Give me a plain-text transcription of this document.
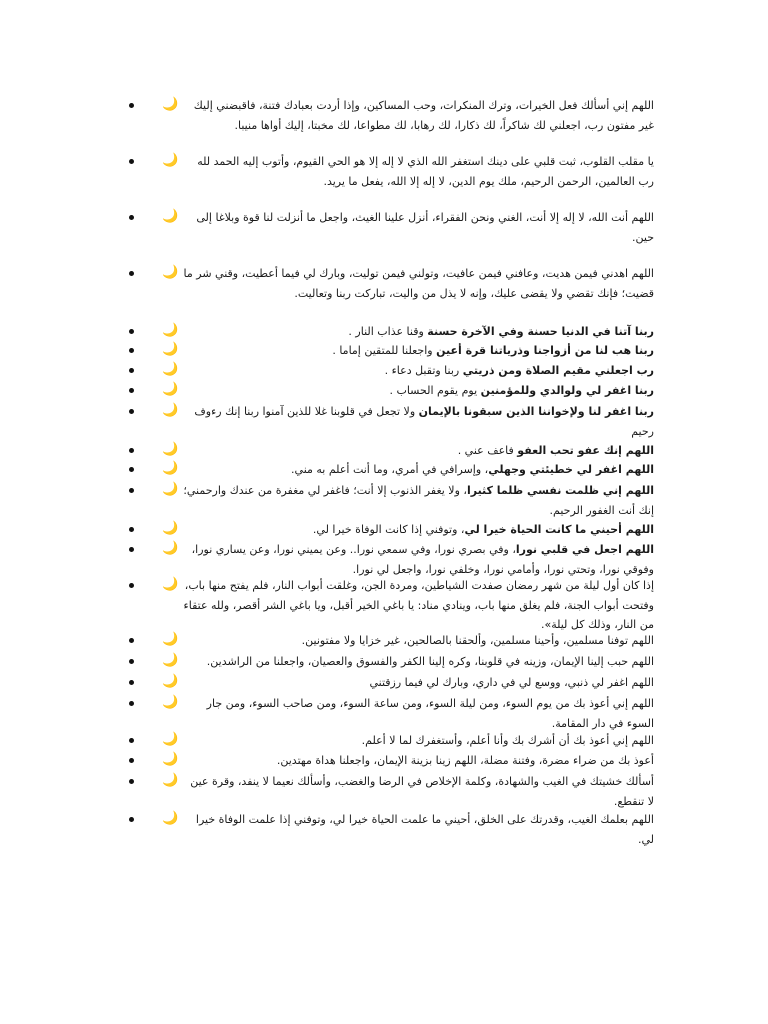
🌙	اللهم إني أسألك فعل الخيرات، وترك المنكرات، وحب المساكين، وإذا أردت بعبادك فتنة، فاقبضني إليك غير مفتون رب، اجعلني لك شاكراً، لك ذكارا، لك رهابا، لك مطواعا، لك مخبتا، إليك أواها منيبا.
🌙	يا مقلب القلوب، ثبت قلبي على دينك استغفر الله الذي لا إله إلا هو الحي القيوم، وأتوب إليه الحمد لله رب العالمين، الرحمن الرحيم، ملك يوم الدين، لا إله إلا الله، يفعل ما يريد.
🌙	اللهم أنت الله، لا إله إلا أنت، الغني ونحن الفقراء، أنزل علينا الغيث، واجعل ما أنزلت لنا قوة وبلاغا إلى حين.
🌙 اللهم اهدني فيمن هديت، وعافني فيمن عافيت، وتولني فيمن توليت، وبارك لي فيما أعطيت، وقني شر ما قضيت؛ فإنك تقضي ولا يقضى عليك، وإنه لا يذل من واليت، تباركت ربنا وتعاليت.
🌙	ربنا آتنا في الدنيا حسنة وفي الآخرة حسنة وقنا عذاب النار .
🌙	ربنا هب لنا من أزواجنا وذرياتنا قرة أعين واجعلنا للمتقين إماما .
🌙	رب اجعلني مقيم الصلاة ومن ذريتي ربنا وتقبل دعاء .
🌙	ربنا اغفر لي ولوالدي وللمؤمنين يوم يقوم الحساب .
🌙	ربنا اغفر لنا ولإخواننا الذين سبقونا بالإيمان ولا تجعل في قلوبنا غلا للذين آمنوا ربنا إنك رءوف رحيم
🌙	اللهم إنك عفو تحب العفو فاعف عني .
🌙	اللهم اغفر لي خطيئتي وجهلي، وإسرافي في أمري، وما أنت أعلم به مني.
🌙	اللهم إني ظلمت نفسي ظلما كثيرا، ولا يغفر الذنوب إلا أنت؛ فاغفر لي مغفرة من عندك وارحمني؛ إنك أنت الغفور الرحيم.
🌙	اللهم أحيني ما كانت الحياة خيرا لي، وتوفني إذا كانت الوفاة خيرا لي.
🌙	اللهم اجعل في قلبي نورا، وفي بصري نورا، وفي سمعي نورا.. وعن يميني نورا، وعن يساري نورا، وفوقي نورا، وتحتي نورا، وأمامي نورا، وخلفي نورا، واجعل لي نورا.
🌙 إذا كان أول ليلة من شهر رمضان صفدت الشياطين، ومردة الجن، وغلقت أبواب النار، فلم يفتح منها باب، وفتحت أبواب الجنة، فلم يغلق منها باب، وينادي مناد: يا باغي الخير أقبل، ويا باغي الشر أقصر، ولله عتقاء من النار، وذلك كل ليلة».
🌙	اللهم توفنا مسلمين، وأحينا مسلمين، وألحقنا بالصالحين، غير خزايا ولا مفتونين.
🌙	اللهم حبب إلينا الإيمان، وزينه في قلوبنا، وكره إلينا الكفر والفسوق والعصيان، واجعلنا من الراشدين.
🌙	اللهم اغفر لي ذنبي، ووسع لي في داري، وبارك لي فيما رزقتني
🌙	اللهم إني أعوذ بك من يوم السوء، ومن ليلة السوء، ومن ساعة السوء، ومن صاحب السوء، ومن جار السوء في دار المقامة.
🌙	اللهم إني أعوذ بك أن أشرك بك وأنا أعلم، وأستغفرك لما لا أعلم.
🌙	أعوذ بك من ضراء مضرة، وفتنة مضلة، اللهم زينا بزينة الإيمان، واجعلنا هداة مهتدين.
🌙	أسألك خشيتك في الغيب والشهادة، وكلمة الإخلاص في الرضا والغضب، وأسألك نعيما لا ينفد، وقرة عين لا تنقطع.
🌙	اللهم بعلمك الغيب، وقدرتك على الخلق، أحيني ما علمت الحياة خيرا لي، وتوفني إذا علمت الوفاة خيرا لي.
